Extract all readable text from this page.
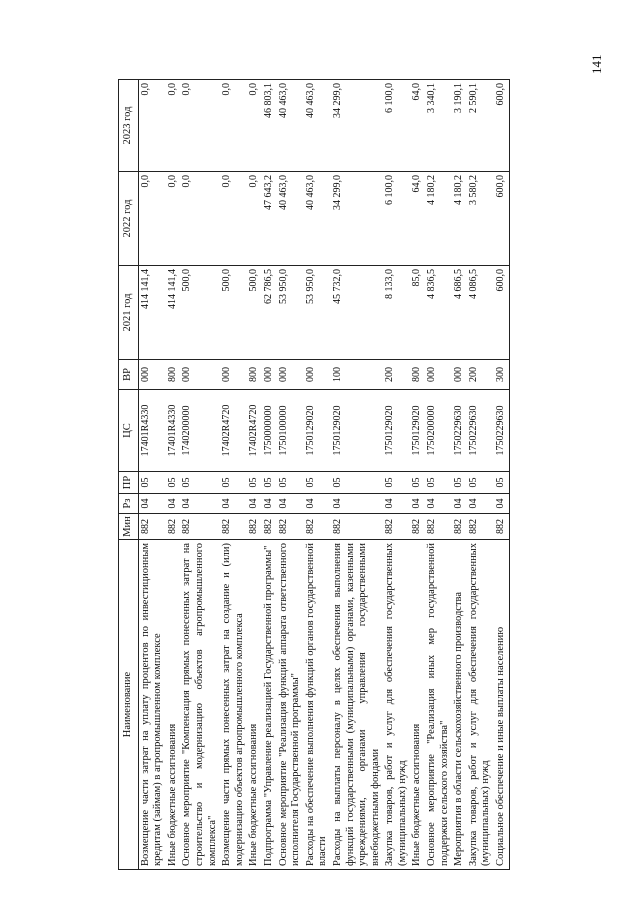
141
Наименование	Мин	Рз	ПР	ЦС	ВР	2021 год	2022 год	2023 год
Возмещение части затрат на уплату процентов по инвестиционным кредитам (займам) в агропромышленном комплексе	882	04	05	17401R4330	000	414 141,4	0,0	0,0
Иные бюджетные ассигнования	882	04	05	17401R4330	800	414 141,4	0,0	0,0
Основное мероприятие "Компенсация прямых понесенных затрат на строительство и модернизацию объектов агропромышленного комплекса"	882	04	05	1740200000	000	500,0	0,0	0,0
Возмещение части прямых понесенных затрат на создание и (или) модернизацию объектов агропромышленного комплекса	882	04	05	17402R4720	000	500,0	0,0	0,0
Иные бюджетные ассигнования	882	04	05	17402R4720	800	500,0	0,0	0,0
Подпрограмма "Управление реализацией Государственной программы"	882	04	05	1750000000	000	62 786,5	47 643,2	46 803,1
Основное мероприятие "Реализация функций аппарата ответственного исполнителя Государственной программы"	882	04	05	1750100000	000	53 950,0	40 463,0	40 463,0
Расходы на обеспечение выполнения функций органов государственной власти	882	04	05	1750129020	000	53 950,0	40 463,0	40 463,0
Расходы на выплаты персоналу в целях обеспечения выполнения функций государственными (муниципальными) органами, казенными учреждениями, органами управления государственными внебюджетными фондами	882	04	05	1750129020	100	45 732,0	34 299,0	34 299,0
Закупка товаров, работ и услуг для обеспечения государственных (муниципальных) нужд	882	04	05	1750129020	200	8 133,0	6 100,0	6 100,0
Иные бюджетные ассигнования	882	04	05	1750129020	800	85,0	64,0	64,0
Основное мероприятие "Реализация иных мер государственной поддержки сельского хозяйства"	882	04	05	1750200000	000	4 836,5	4 180,2	3 340,1
Мероприятия в области сельскохозяйственного производства	882	04	05	1750229630	000	4 686,5	4 180,2	3 190,1
Закупка товаров, работ и услуг для обеспечения государственных (муниципальных) нужд	882	04	05	1750229630	200	4 086,5	3 580,2	2 590,1
Социальное обеспечение и иные выплаты населению	882	04	05	1750229630	300	600,0	600,0	600,0
